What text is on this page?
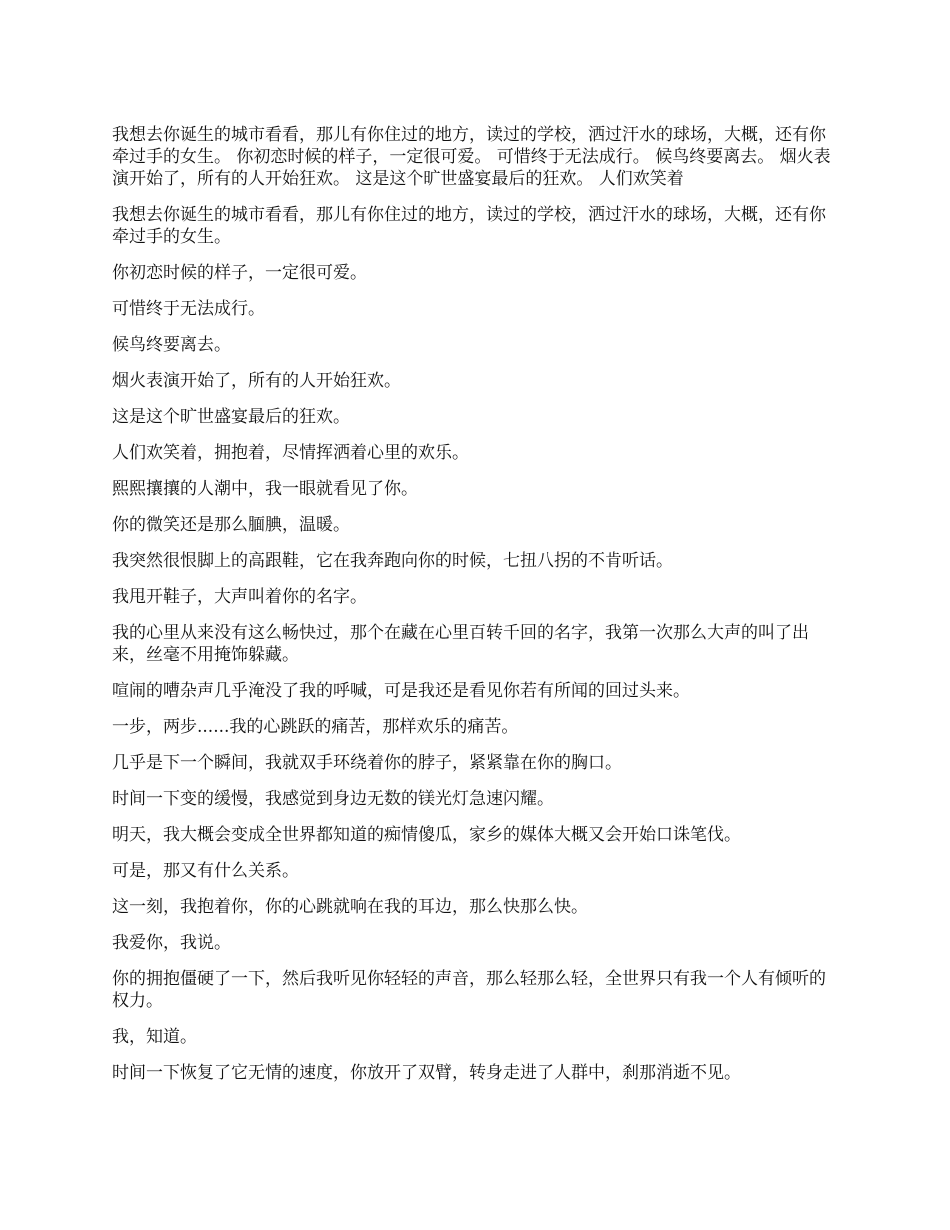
我想去你诞生的城市看看，那儿有你住过的地方，读过的学校，洒过汗水的球场，大概，还有你牵过手的女生。 你初恋时候的样子，一定很可爱。 可惜终于无法成行。 候鸟终要离去。 烟火表演开始了，所有的人开始狂欢。 这是这个旷世盛宴最后的狂欢。 人们欢笑着

我想去你诞生的城市看看，那儿有你住过的地方，读过的学校，洒过汗水的球场，大概，还有你牵过手的女生。

你初恋时候的样子，一定很可爱。

可惜终于无法成行。

候鸟终要离去。

烟火表演开始了，所有的人开始狂欢。

这是这个旷世盛宴最后的狂欢。

人们欢笑着，拥抱着，尽情挥洒着心里的欢乐。

熙熙攘攘的人潮中，我一眼就看见了你。

你的微笑还是那么腼腆，温暖。

我突然很恨脚上的高跟鞋，它在我奔跑向你的时候，七扭八拐的不肯听话。

我甩开鞋子，大声叫着你的名字。

我的心里从来没有这么畅快过，那个在藏在心里百转千回的名字，我第一次那么大声的叫了出来，丝毫不用掩饰躲藏。

喧闹的嘈杂声几乎淹没了我的呼喊，可是我还是看见你若有所闻的回过头来。

一步，两步......我的心跳跃的痛苦，那样欢乐的痛苦。

几乎是下一个瞬间，我就双手环绕着你的脖子，紧紧靠在你的胸口。

时间一下变的缓慢，我感觉到身边无数的镁光灯急速闪耀。

明天，我大概会变成全世界都知道的痴情傻瓜，家乡的媒体大概又会开始口诛笔伐。

可是，那又有什么关系。

这一刻，我抱着你，你的心跳就响在我的耳边，那么快那么快。

我爱你，我说。

你的拥抱僵硬了一下，然后我听见你轻轻的声音，那么轻那么轻，全世界只有我一个人有倾听的权力。

我，知道。

时间一下恢复了它无情的速度，你放开了双臂，转身走进了人群中，刹那消逝不见。
